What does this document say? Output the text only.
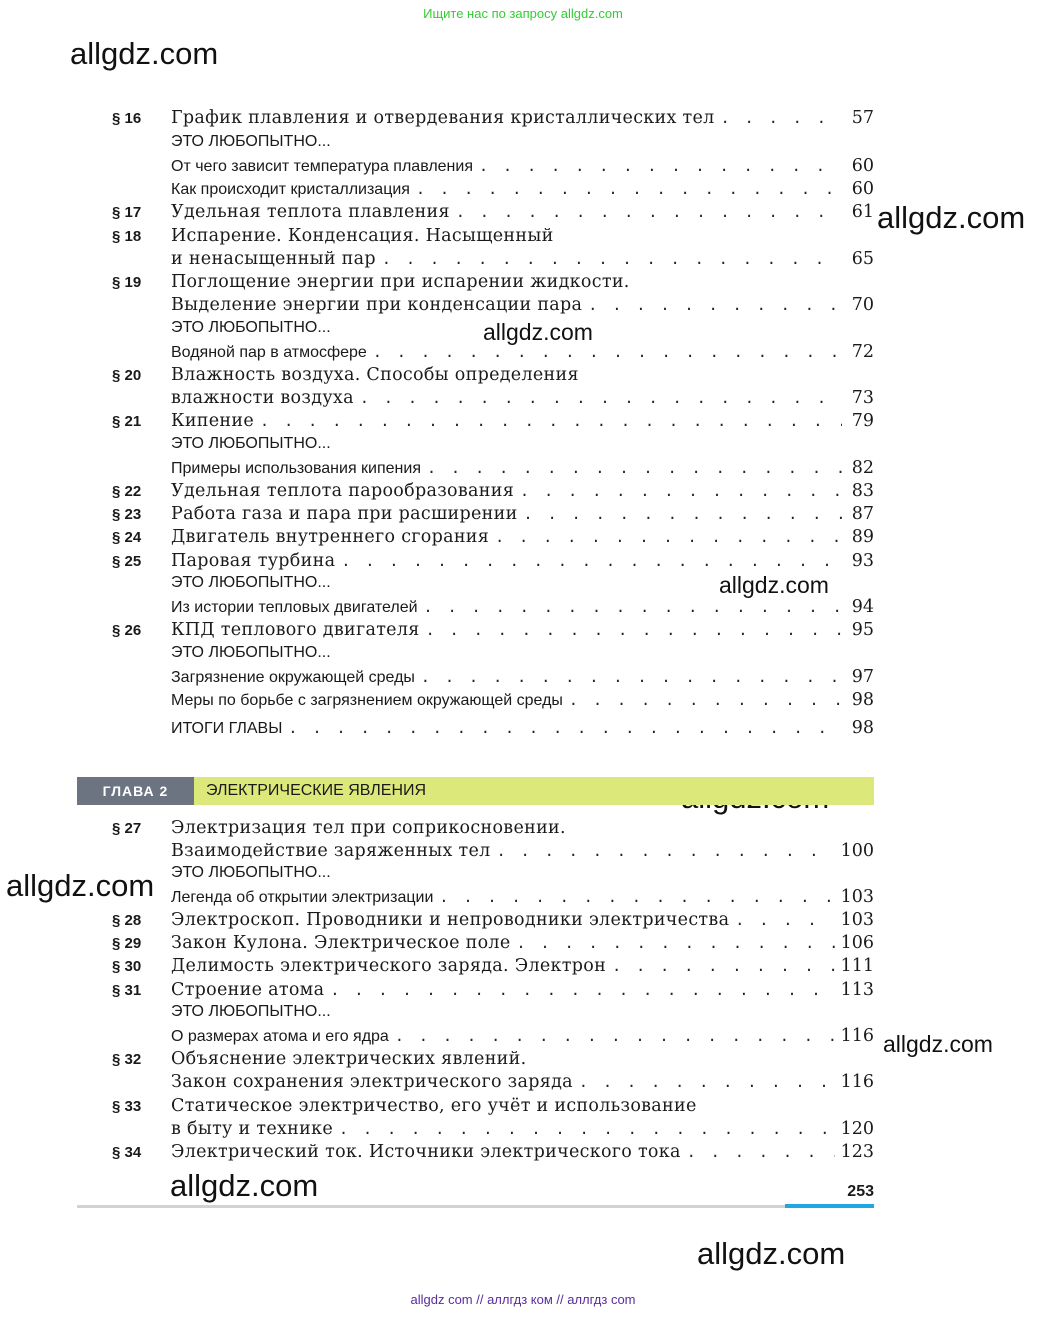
Ищите нас по запросу allgdz.com
allgdz.com
allgdz.com
allgdz.com
allgdz.com
allgdz.com
allgdz.com
allgdz.com
allgdz.com
§ 16 График плавления и отвердевания кристаллических тел . . .	57
ЭТО ЛЮБОПЫТНО...
От чего зависит температура плавления . . .	60
Как происходит кристаллизация . . .	60
§ 17 Удельная теплота плавления . . .	61
§ 18 Испарение. Конденсация. Насыщенный
и ненасыщенный пар . . .	65
§ 19 Поглощение энергии при испарении жидкости.
Выделение энергии при конденсации пара . . .	70
ЭТО ЛЮБОПЫТНО...
Водяной пар в атмосфере . . .	72
§ 20 Влажность воздуха. Способы определения
влажности воздуха . . .	73
§ 21 Кипение . . .	79
ЭТО ЛЮБОПЫТНО...
Примеры использования кипения . . .	82
§ 22 Удельная теплота парообразования . . .	83
§ 23 Работа газа и пара при расширении . . .	87
§ 24 Двигатель внутреннего сгорания . . .	89
§ 25 Паровая турбина . . .	93
ЭТО ЛЮБОПЫТНО...
Из истории тепловых двигателей . . .	94
§ 26 КПД теплового двигателя . . .	95
ЭТО ЛЮБОПЫТНО...
Загрязнение окружающей среды . . .	97
Меры по борьбе с загрязнением окружающей среды . . .	98
ИТОГИ ГЛАВЫ . . .	98
ГЛАВА 2	ЭЛЕКТРИЧЕСКИЕ ЯВЛЕНИЯ
§ 27 Электризация тел при соприкосновении.
Взаимодействие заряженных тел . . .	100
ЭТО ЛЮБОПЫТНО...
Легенда об открытии электризации . . .	103
§ 28 Электроскоп. Проводники и непроводники электричества . . .	103
§ 29 Закон Кулона. Электрическое поле . . .	106
§ 30 Делимость электрического заряда. Электрон . . .	111
§ 31 Строение атома . . .	113
ЭТО ЛЮБОПЫТНО...
О размерах атома и его ядра . . .	116
§ 32 Объяснение электрических явлений.
Закон сохранения электрического заряда . . .	116
§ 33 Статическое электричество, его учёт и использование
в быту и технике . . .	120
§ 34 Электрический ток. Источники электрического тока . . .	123
253
allgdz com // аллгдз ком // аллгдз com
